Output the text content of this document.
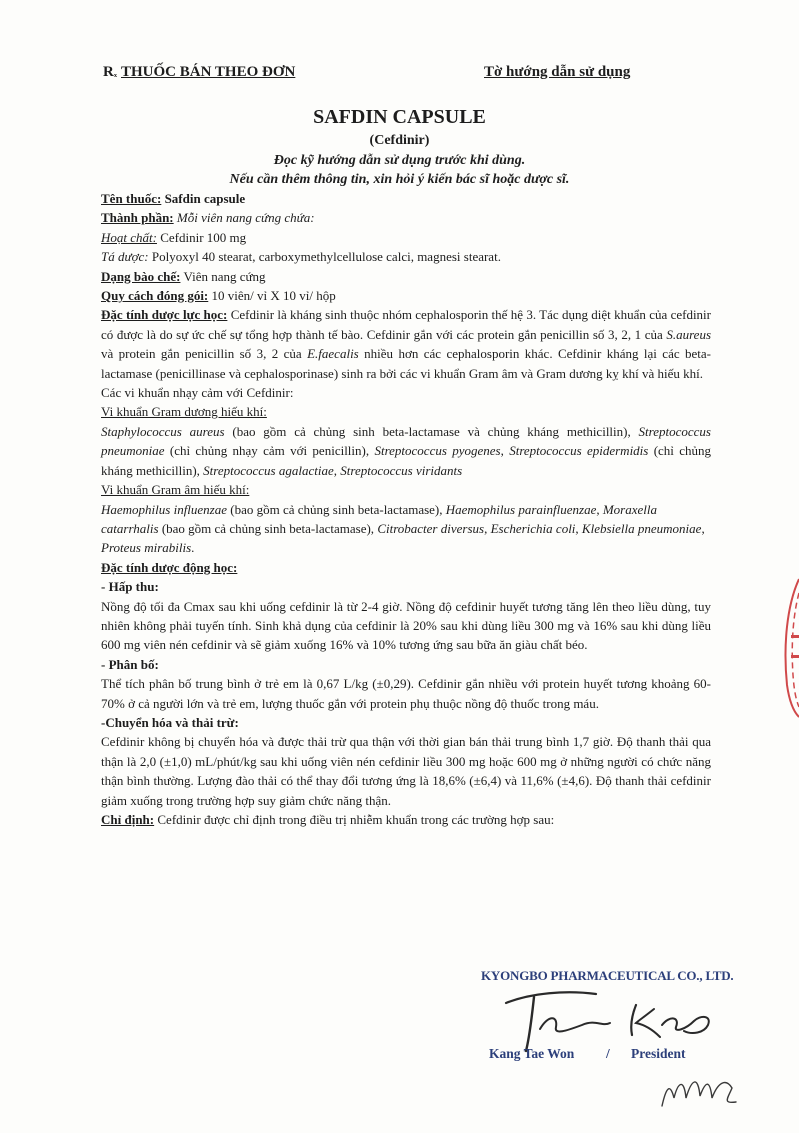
Rₓ THUỐC BÁN THEO ĐƠN	Tờ hướng dẫn sử dụng
SAFDIN CAPSULE
(Cefdinir)
Đọc kỹ hướng dẫn sử dụng trước khi dùng.
Nếu cần thêm thông tin, xin hỏi ý kiến bác sĩ hoặc dược sĩ.

Tên thuốc: Safdin capsule

Thành phần: Mỗi viên nang cứng chứa:

Hoạt chất: Cefdinir 100 mg

Tá dược: Polyoxyl 40 stearat, carboxymethylcellulose calci, magnesi stearat.

Dạng bào chế: Viên nang cứng

Quy cách đóng gói: 10 viên/ vỉ X 10 vỉ/ hộp

Đặc tính dược lực học: Cefdinir là kháng sinh thuộc nhóm cephalosporin thế hệ 3. Tác dụng diệt khuẩn của cefdinir có được là do sự ức chế sự tổng hợp thành tế bào. Cefdinir gắn với các protein gắn penicillin số 3, 2, 1 của S.aureus và protein gắn penicillin số 3, 2 của E.faecalis nhiều hơn các cephalosporin khác. Cefdinir kháng lại các beta-lactamase (penicillinase và cephalosporinase) sinh ra bởi các vi khuẩn Gram âm và Gram dương kỵ khí và hiếu khí.

Các vi khuẩn nhạy cảm với Cefdinir:

Vi khuẩn Gram dương hiếu khí:

Staphylococcus aureus (bao gồm cả chủng sinh beta-lactamase và chủng kháng methicillin), Streptococcus pneumoniae (chỉ chủng nhạy cảm với penicillin), Streptococcus pyogenes, Streptococcus epidermidis (chỉ chủng kháng methicillin), Streptococcus agalactiae, Streptococcus viridants

Vi khuẩn Gram âm hiếu khí:

Haemophilus influenzae (bao gồm cả chủng sinh beta-lactamase), Haemophilus parainfluenzae, Moraxella catarrhalis (bao gồm cả chủng sinh beta-lactamase), Citrobacter diversus, Escherichia coli, Klebsiella pneumoniae, Proteus mirabilis.

Đặc tính dược động học:

- Hấp thu:

Nồng độ tối đa Cmax sau khi uống cefdinir là từ 2-4 giờ. Nồng độ cefdinir huyết tương tăng lên theo liều dùng, tuy nhiên không phải tuyến tính. Sinh khả dụng của cefdinir là 20% sau khi dùng liều 300 mg và 16% sau khi dùng liều 600 mg viên nén cefdinir và sẽ giảm xuống 16% và 10% tương ứng sau bữa ăn giàu chất béo.

- Phân bố:

Thể tích phân bố trung bình ở trẻ em là 0,67 L/kg (±0,29). Cefdinir gắn nhiều với protein huyết tương khoảng 60-70% ở cả người lớn và trẻ em, lượng thuốc gắn với protein phụ thuộc nồng độ thuốc trong máu.

-Chuyển hóa và thải trừ:

Cefdinir không bị chuyển hóa và được thải trừ qua thận với thời gian bán thải trung bình 1,7 giờ. Độ thanh thải qua thận là 2,0 (±1,0) mL/phút/kg sau khi uống viên nén cefdinir liều 300 mg hoặc 600 mg ở những người có chức năng thận bình thường. Lượng đào thải có thể thay đổi tương ứng là 18,6% (±6,4) và 11,6% (±4,6). Độ thanh thải cefdinir giảm xuống trong trường hợp suy giảm chức năng thận.

Chỉ định: Cefdinir được chỉ định trong điều trị nhiễm khuẩn trong các trường hợp sau:

KYONGBO PHARMACEUTICAL CO., LTD.
Kang Tae Won / President
